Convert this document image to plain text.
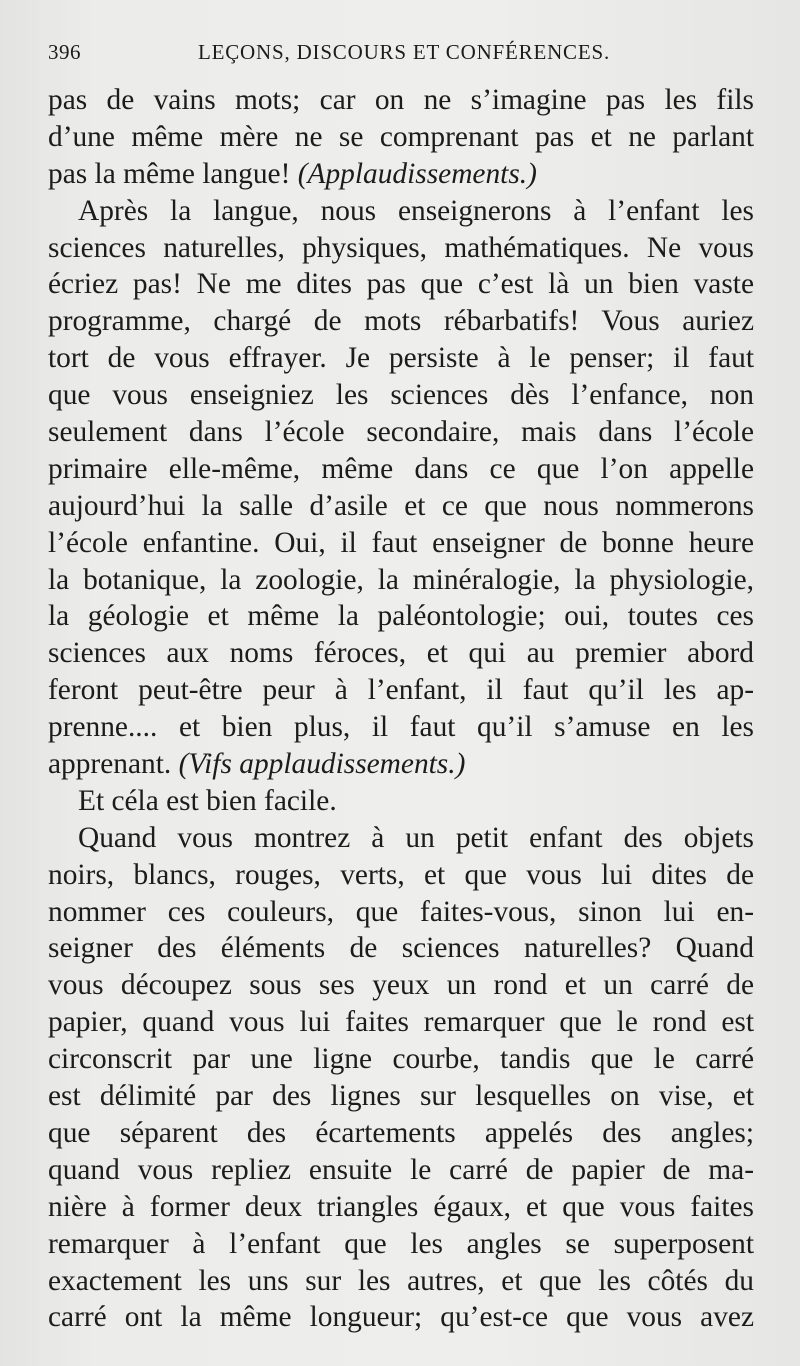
396	LEÇONS, DISCOURS ET CONFÉRENCES.
pas de vains mots; car on ne s’imagine pas les fils
d’une même mère ne se comprenant pas et ne parlant
pas la même langue! (Applaudissements.)
Après la langue, nous enseignerons à l’enfant les
sciences naturelles, physiques, mathématiques. Ne vous
écriez pas! Ne me dites pas que c’est là un bien vaste
programme, chargé de mots rébarbatifs! Vous auriez
tort de vous effrayer. Je persiste à le penser; il faut
que vous enseigniez les sciences dès l’enfance, non
seulement dans l’école secondaire, mais dans l’école
primaire elle-même, même dans ce que l’on appelle
aujourd’hui la salle d’asile et ce que nous nommerons
l’école enfantine. Oui, il faut enseigner de bonne heure
la botanique, la zoologie, la minéralogie, la physiologie,
la géologie et même la paléontologie; oui, toutes ces
sciences aux noms féroces, et qui au premier abord
feront peut-être peur à l’enfant, il faut qu’il les ap-
prenne.... et bien plus, il faut qu’il s’amuse en les
apprenant. (Vifs applaudissements.)
Et céla est bien facile.
Quand vous montrez à un petit enfant des objets
noirs, blancs, rouges, verts, et que vous lui dites de
nommer ces couleurs, que faites-vous, sinon lui en-
seigner des éléments de sciences naturelles? Quand
vous découpez sous ses yeux un rond et un carré de
papier, quand vous lui faites remarquer que le rond est
circonscrit par une ligne courbe, tandis que le carré
est délimité par des lignes sur lesquelles on vise, et
que séparent des écartements appelés des angles;
quand vous repliez ensuite le carré de papier de ma-
nière à former deux triangles égaux, et que vous faites
remarquer à l’enfant que les angles se superposent
exactement les uns sur les autres, et que les côtés du
carré ont la même longueur; qu’est-ce que vous avez
